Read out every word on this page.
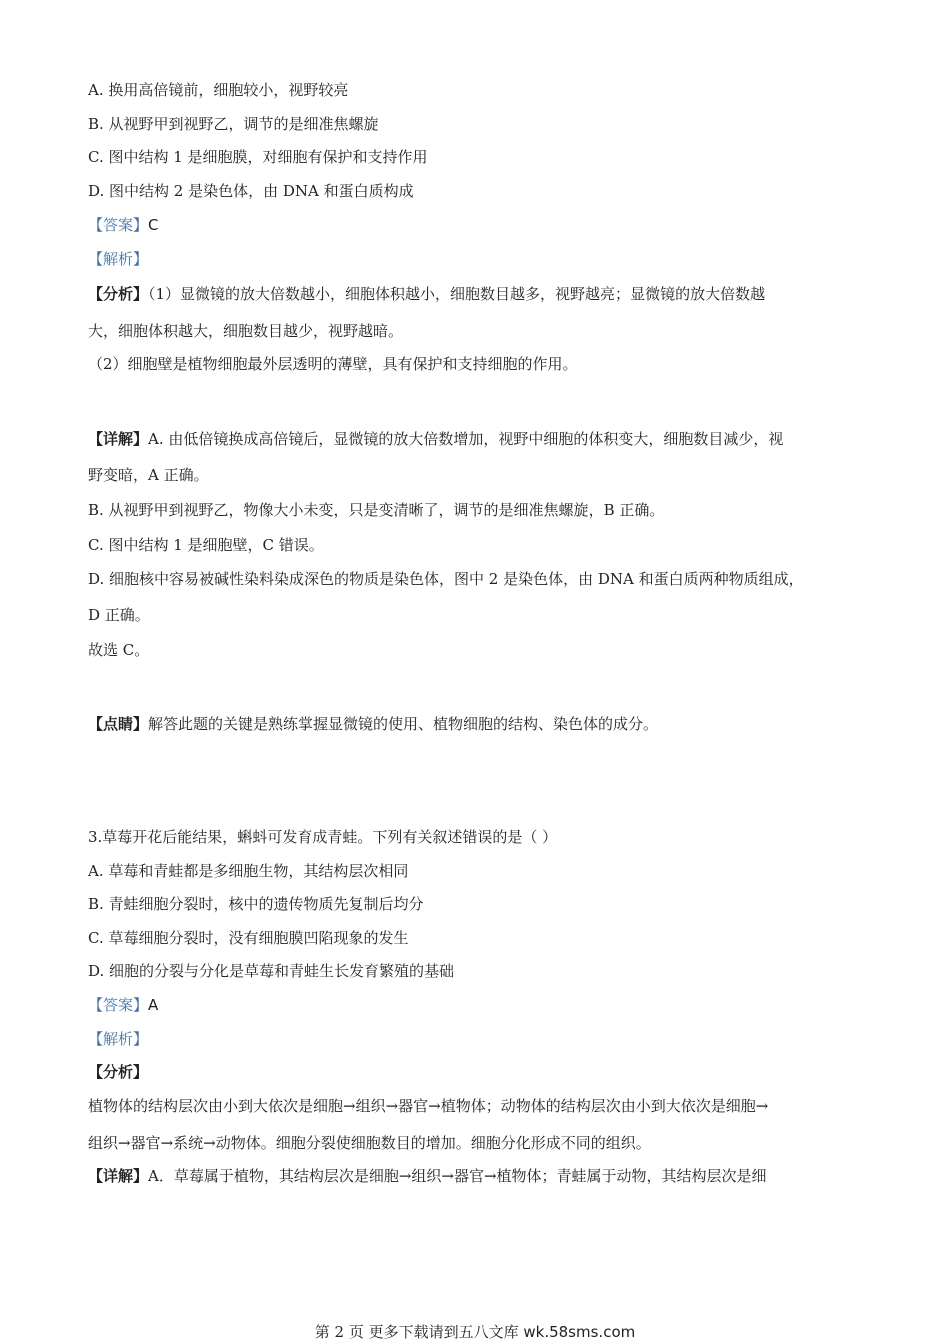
A. 换用高倍镜前，细胞较小，视野较亮
B. 从视野甲到视野乙，调节的是细准焦螺旋
C. 图中结构 1 是细胞膜，对细胞有保护和支持作用
D. 图中结构 2 是染色体，由 DNA 和蛋白质构成
【答案】C
【解析】
【分析】（1）显微镜的放大倍数越小，细胞体积越小，细胞数目越多，视野越亮；显微镜的放大倍数越
大，细胞体积越大，细胞数目越少，视野越暗。
（2）细胞壁是植物细胞最外层透明的薄壁，具有保护和支持细胞的作用。
【详解】A. 由低倍镜换成高倍镜后，显微镜的放大倍数增加，视野中细胞的体积变大，细胞数目减少，视
野变暗，A 正确。
B. 从视野甲到视野乙，物像大小未变，只是变清晰了，调节的是细准焦螺旋，B 正确。
C. 图中结构 1 是细胞壁，C 错误。
D. 细胞核中容易被碱性染料染成深色的物质是染色体，图中 2 是染色体，由 DNA 和蛋白质两种物质组成，
D 正确。
故选 C。
【点睛】解答此题的关键是熟练掌握显微镜的使用、植物细胞的结构、染色体的成分。
3.草莓开花后能结果，蝌蚪可发育成青蛙。下列有关叙述错误的是（ ）
A. 草莓和青蛙都是多细胞生物，其结构层次相同
B. 青蛙细胞分裂时，核中的遗传物质先复制后均分
C. 草莓细胞分裂时，没有细胞膜凹陷现象的发生
D. 细胞的分裂与分化是草莓和青蛙生长发育繁殖的基础
【答案】A
【解析】
【分析】
植物体的结构层次由小到大依次是细胞→组织→器官→植物体；动物体的结构层次由小到大依次是细胞→
组织→器官→系统→动物体。细胞分裂使细胞数目的增加。细胞分化形成不同的组织。
【详解】A．草莓属于植物，其结构层次是细胞→组织→器官→植物体；青蛙属于动物，其结构层次是细
第 2 页 更多下载请到五八文库 wk.58sms.com
